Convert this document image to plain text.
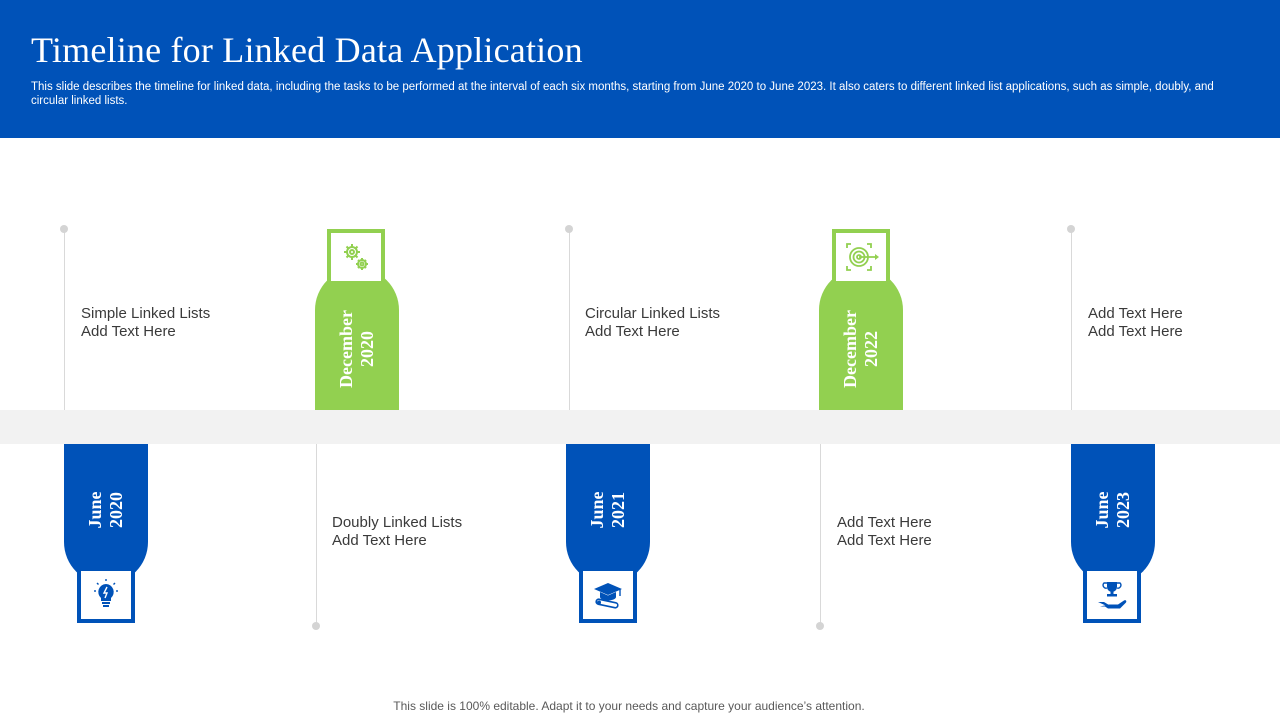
Timeline for Linked Data Application

This slide describes the timeline for linked data, including the tasks to be performed at the interval of each six months, starting from June 2020 to June 2023. It also caters to different linked list applications, such as simple, doubly, and circular linked lists.

Simple Linked Lists
Add Text Here
June 2020	Doubly Linked Lists
Add Text Here
December 2020
Circular Linked Lists
Add Text Here
June 2021	Add Text Here
Add Text Here
December 2022
Add Text Here
Add Text Here
June 2023
This slide is 100% editable. Adapt it to your needs and capture your audience’s attention.
